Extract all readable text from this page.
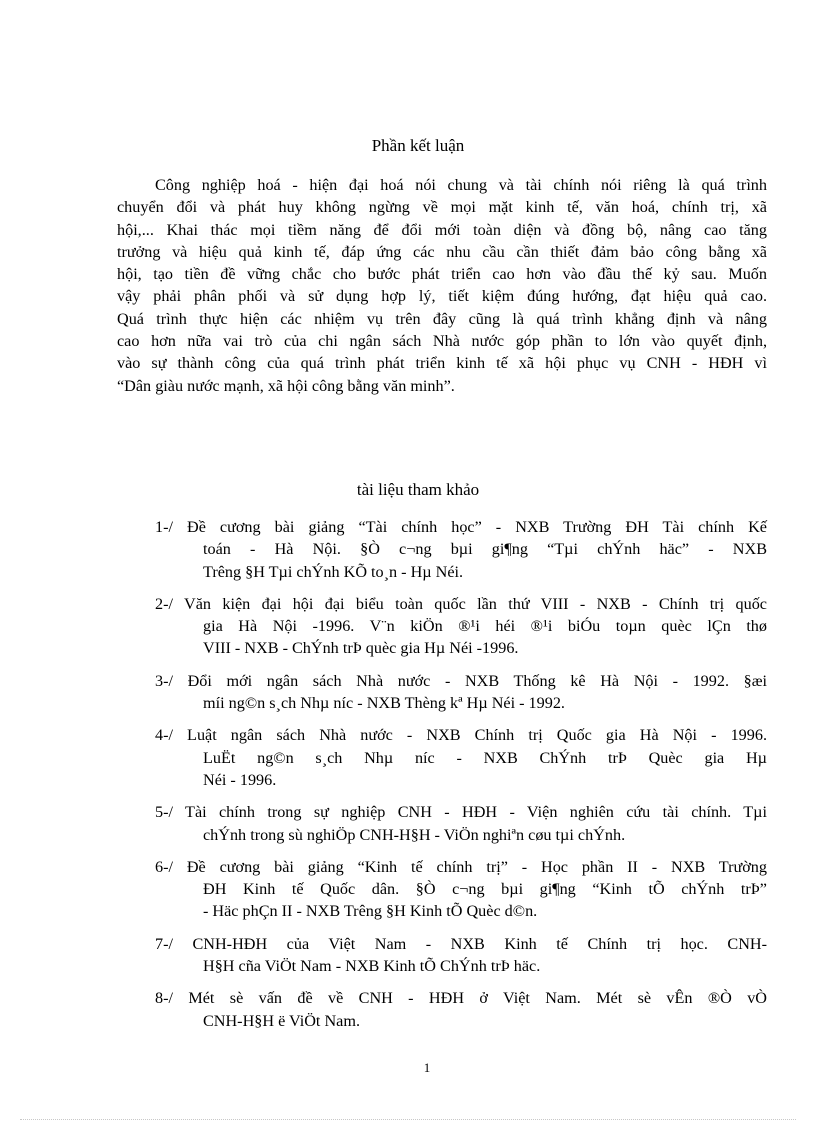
Phần kết luận
Công nghiệp hoá - hiện đại hoá nói chung và tài chính nói riêng là quá trình
chuyển đổi và phát huy không ngừng về mọi mặt kinh tế, văn hoá, chính trị, xã
hội,... Khai thác mọi tiềm năng để đổi mới toàn diện và đồng bộ, nâng cao tăng
trưởng và hiệu quả kinh tế, đáp ứng các nhu cầu cần thiết đảm bảo công bằng xã
hội, tạo tiền đề vững chắc cho bước phát triển cao hơn vào đầu thế kỷ sau. Muốn
vậy phải phân phối và sử dụng hợp lý, tiết kiệm đúng hướng, đạt hiệu quả cao.
Quá trình thực hiện các nhiệm vụ trên đây cũng là quá trình khẳng định và nâng
cao hơn nữa vai trò của chi ngân sách Nhà nước góp phần to lớn vào quyết định,
vào sự thành công của quá trình phát triển kinh tế xã hội phục vụ CNH - HĐH vì
“Dân giàu nước mạnh, xã hội công bằng văn minh”.
tài liệu tham khảo
1-/ Đề cương bài giảng “Tài chính học” - NXB Trường ĐH Tài chính Kế
toán - Hà Nội. §Ò c¬ng bµi gi¶ng “Tµi chÝnh häc” - NXB
Trêng §H Tµi chÝnh KÕ to¸n - Hµ Néi.
2-/ Văn kiện đại hội đại biểu toàn quốc lần thứ VIII - NXB - Chính trị quốc
gia Hà Nội -1996. V¨n kiÖn ®¹i héi ®¹i biÓu toµn quèc lÇn thø
VIII - NXB - ChÝnh trÞ quèc gia Hµ Néi -1996.
3-/ Đổi mới ngân sách Nhà nước - NXB Thống kê Hà Nội - 1992. §æi
míi ng©n s¸ch Nhµ níc - NXB Thèng kª Hµ Néi - 1992.
4-/ Luật ngân sách Nhà nước - NXB Chính trị Quốc gia Hà Nội - 1996.
LuËt ng©n s¸ch Nhµ níc - NXB ChÝnh trÞ Quèc gia Hµ
Néi - 1996.
5-/ Tài chính trong sự nghiệp CNH - HĐH - Viện nghiên cứu tài chính. Tµi
chÝnh trong sù nghiÖp CNH-H§H - ViÖn nghiªn cøu tµi chÝnh.
6-/ Đề cương bài giảng “Kinh tế chính trị” - Học phần II - NXB Trường
ĐH Kinh tế Quốc dân. §Ò c¬ng bµi gi¶ng “Kinh tÕ chÝnh trÞ”
- Häc phÇn II - NXB Trêng §H Kinh tÕ Quèc d©n.
7-/ CNH-HĐH của Việt Nam - NXB Kinh tế Chính trị học. CNH-
H§H cña ViÖt Nam - NXB Kinh tÕ ChÝnh trÞ häc.
8-/ Mét sè vấn đề về CNH - HĐH ở Việt Nam. Mét sè vÊn ®Ò vÒ
CNH-H§H ë ViÖt Nam.
1
